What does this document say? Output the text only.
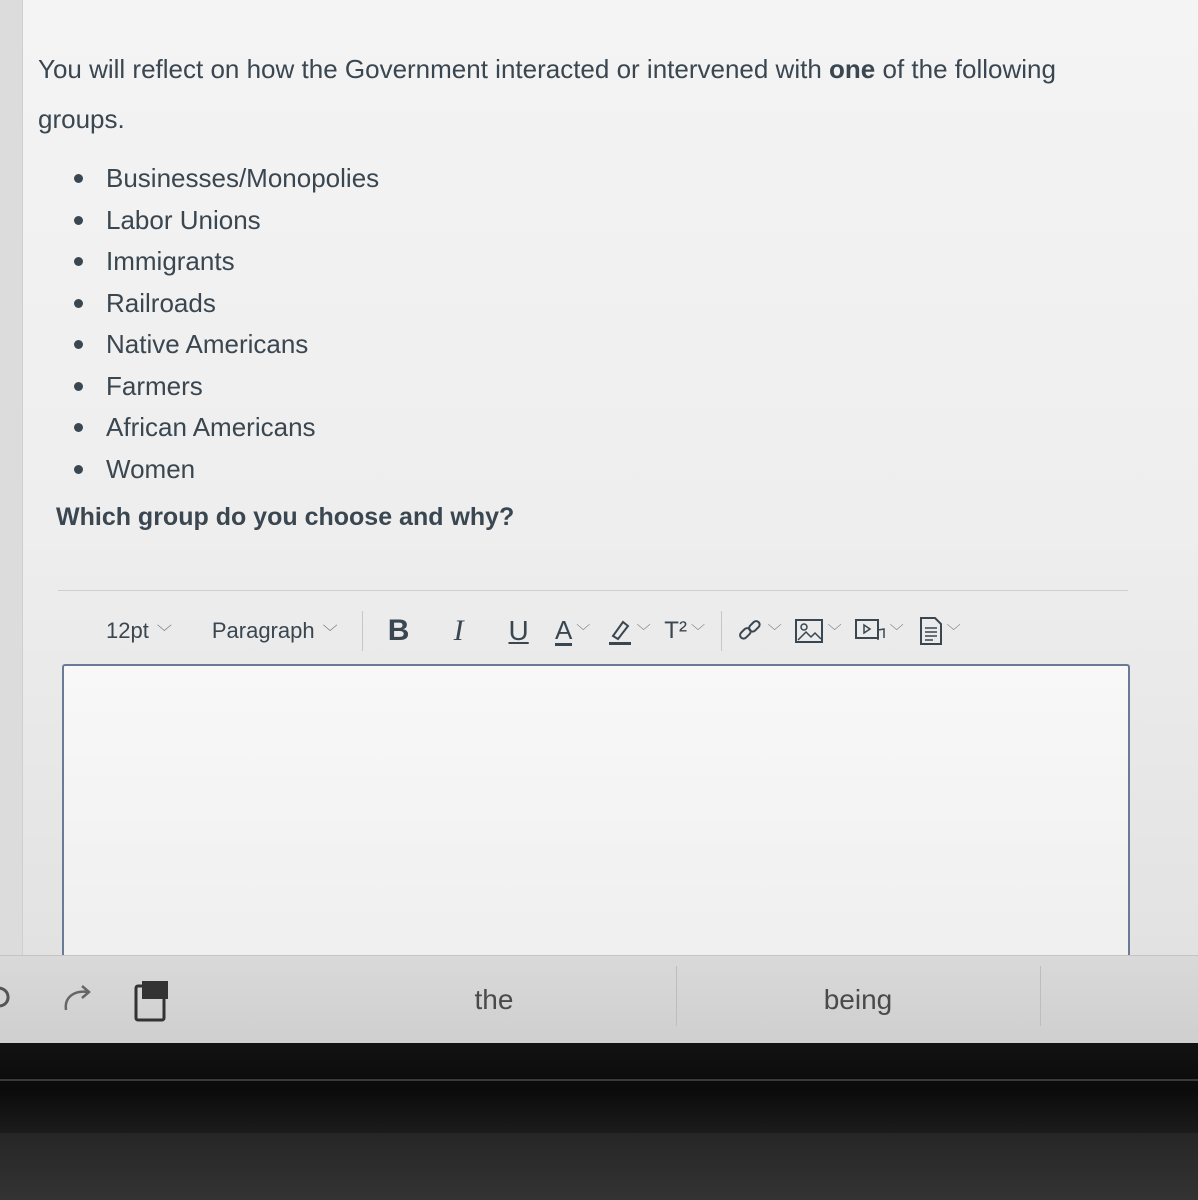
You will reflect on how the Government interacted or intervened with one of the following groups.
Businesses/Monopolies
Labor Unions
Immigrants
Railroads
Native Americans
Farmers
African Americans
Women
Which group do you choose and why?
12pt ﹀ Paragraph ﹀	B	I	U	A ﹀	﹀ T² ﹀	﹀	﹀	﹀	﹀
the	being
